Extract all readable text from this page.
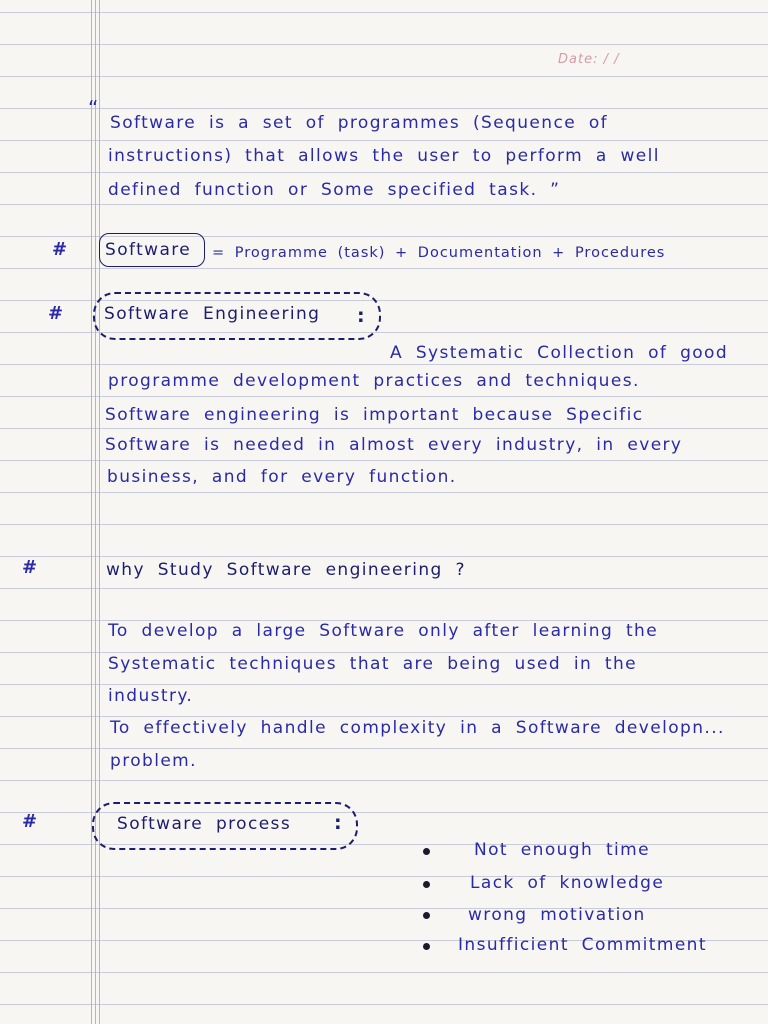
Date: / /
“
Software is a set of programmes (Sequence of
instructions) that allows the user to perform a well
defined function or Some specified task. ”
# Software = Programme (task) + Documentation + Procedures
# Software Engineering :
A Systematic Collection of good
programme development practices and techniques.
Software engineering is important because Specific
Software is needed in almost every industry, in every
business, and for every function.
#	why Study Software engineering ?
To develop a large Software only after learning the
Systematic techniques that are being used in the
industry.
To effectively handle complexity in a Software developn...
problem.
#	Software process :
Not enough time
Lack of knowledge
wrong motivation
Insufficient Commitment
